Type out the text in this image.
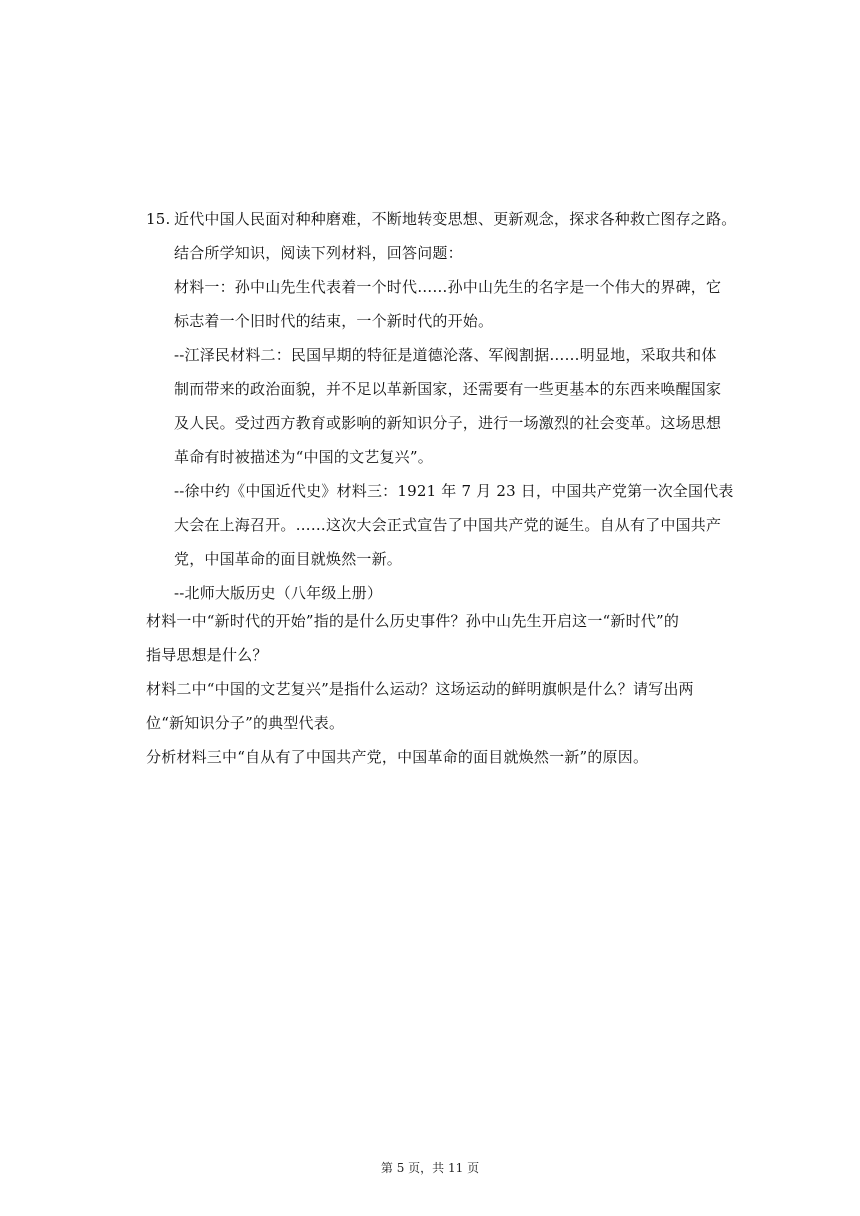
15. 近代中国人民面对种种磨难，不断地转变思想、更新观念，探求各种救亡图存之路。
结合所学知识，阅读下列材料，回答问题：
材料一：孙中山先生代表着一个时代……孙中山先生的名字是一个伟大的界碑，它
标志着一个旧时代的结束，一个新时代的开始。
--江泽民材料二：民国早期的特征是道德沦落、军阀割据……明显地，采取共和体
制而带来的政治面貌，并不足以革新国家，还需要有一些更基本的东西来唤醒国家
及人民。受过西方教育或影响的新知识分子，进行一场激烈的社会变革。这场思想
革命有时被描述为“中国的文艺复兴”。
--徐中约《中国近代史》材料三：1921 年 7 月 23 日，中国共产党第一次全国代表
大会在上海召开。……这次大会正式宣告了中国共产党的诞生。自从有了中国共产
党，中国革命的面目就焕然一新。
--北师大版历史（八年级上册）
材料一中“新时代的开始”指的是什么历史事件？孙中山先生开启这一“新时代”的
指导思想是什么？
材料二中“中国的文艺复兴”是指什么运动？这场运动的鲜明旗帜是什么？请写出两
位“新知识分子”的典型代表。
分析材料三中“自从有了中国共产党，中国革命的面目就焕然一新”的原因。
第 5 页，共 11 页
